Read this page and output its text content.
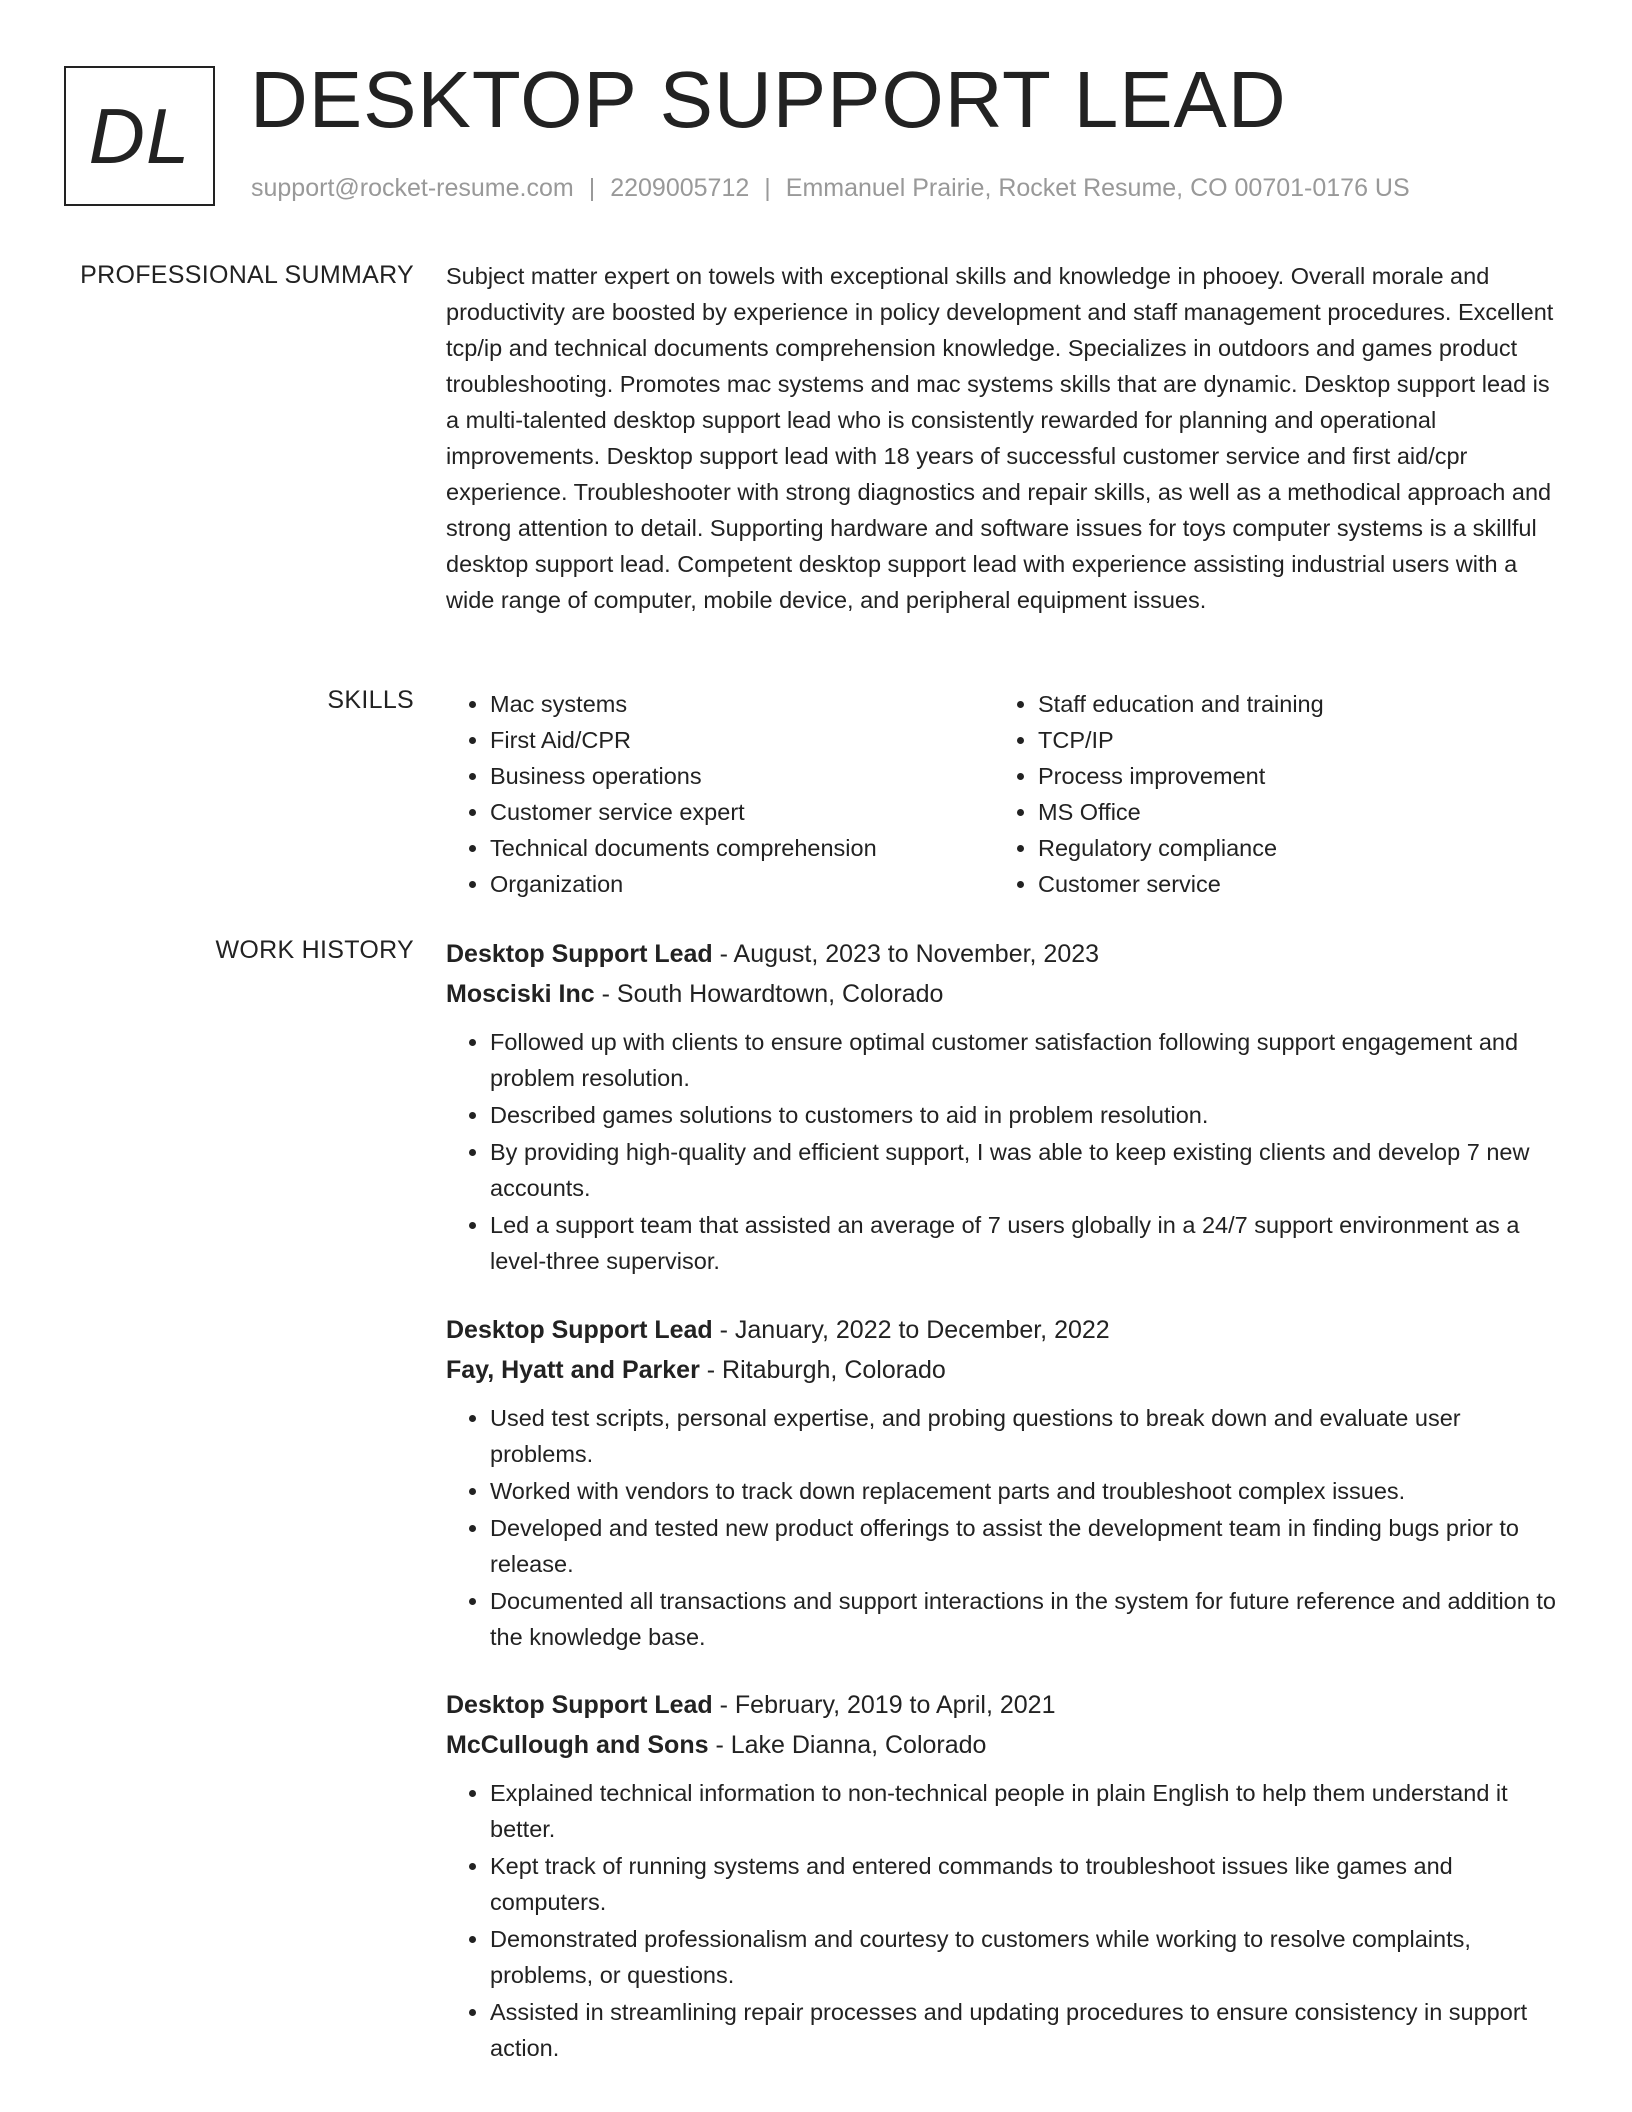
DL DESKTOP SUPPORT LEAD
support@rocket-resume.com | 2209005712 | Emmanuel Prairie, Rocket Resume, CO 00701-0176 US
PROFESSIONAL SUMMARY Subject matter expert on towels with exceptional skills and knowledge in phooey. Overall morale and productivity are boosted by experience in policy development and staff management procedures. Excellent tcp/ip and technical documents comprehension knowledge. Specializes in outdoors and games product troubleshooting. Promotes mac systems and mac systems skills that are dynamic. Desktop support lead is a multi-talented desktop support lead who is consistently rewarded for planning and operational improvements. Desktop support lead with 18 years of successful customer service and first aid/cpr experience. Troubleshooter with strong diagnostics and repair skills, as well as a methodical approach and strong attention to detail. Supporting hardware and software issues for toys computer systems is a skillful desktop support lead. Competent desktop support lead with experience assisting industrial users with a wide range of computer, mobile device, and peripheral equipment issues.

SKILLS
•	Mac systems
• First Aid/CPR
• Business operations
• Customer service expert
• Technical documents comprehension
• Organization
• Staff education and training
• TCP/IP
• Process improvement
• MS Office
• Regulatory compliance
• Customer service
WORK HISTORY Desktop Support Lead - August, 2023 to November, 2023
Mosciski Inc - South Howardtown, Colorado
• Followed up with clients to ensure optimal customer satisfaction following support engagement and problem resolution.
• Described games solutions to customers to aid in problem resolution.
• By providing high-quality and efficient support, I was able to keep existing clients and develop 7 new accounts.
• Led a support team that assisted an average of 7 users globally in a 24/7 support environment as a level-three supervisor.
Desktop Support Lead - January, 2022 to December, 2022
Fay, Hyatt and Parker - Ritaburgh, Colorado
• Used test scripts, personal expertise, and probing questions to break down and evaluate user problems.
• Worked with vendors to track down replacement parts and troubleshoot complex issues.
• Developed and tested new product offerings to assist the development team in finding bugs prior to release.
• Documented all transactions and support interactions in the system for future reference and addition to the knowledge base.
Desktop Support Lead - February, 2019 to April, 2021
McCullough and Sons - Lake Dianna, Colorado
• Explained technical information to non-technical people in plain English to help them understand it better.
• Kept track of running systems and entered commands to troubleshoot issues like games and computers.
• Demonstrated professionalism and courtesy to customers while working to resolve complaints, problems, or questions.
• Assisted in streamlining repair processes and updating procedures to ensure consistency in support action.
